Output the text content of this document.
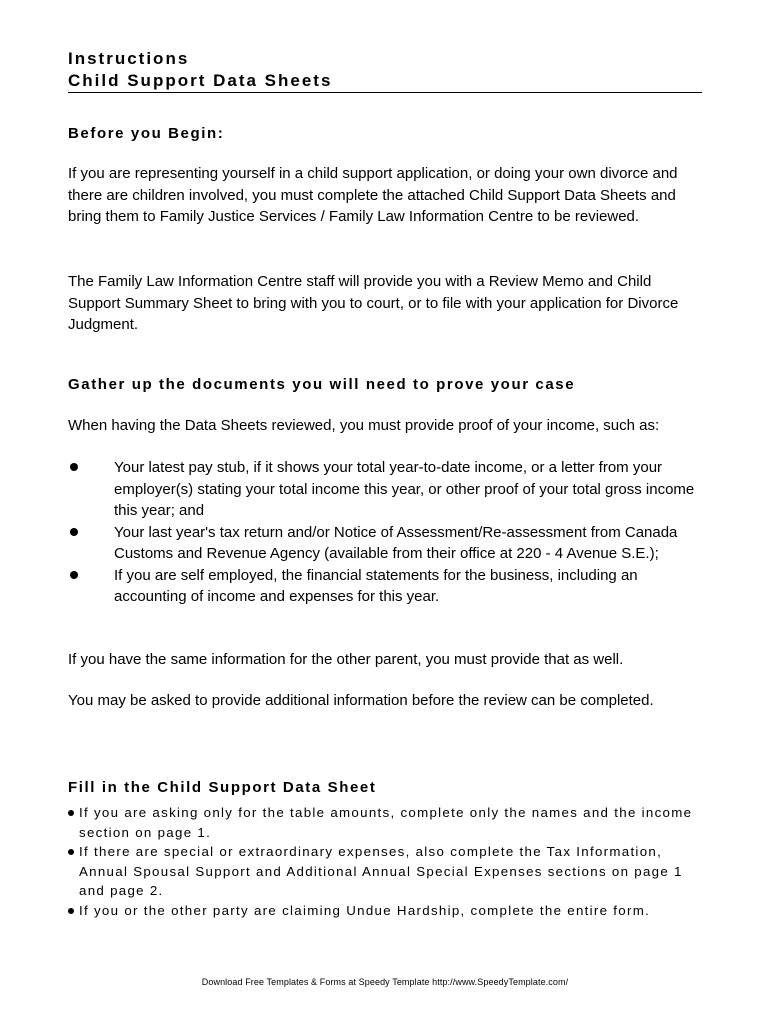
Instructions
Child Support Data Sheets
Before you Begin:
If you are representing yourself in a child support application, or doing your own divorce and there are children involved, you must complete the attached Child Support Data Sheets and bring them to Family Justice Services / Family Law Information Centre to be reviewed.
The Family Law Information Centre staff will provide you with a Review Memo and Child Support Summary Sheet to bring with you to court, or to file with your application for Divorce Judgment.
Gather up the documents you will need to prove your case
When having the Data Sheets reviewed, you must provide proof of your income, such as:
Your latest pay stub, if it shows your total year-to-date income, or a letter from your employer(s) stating your total income this year, or other proof of your total gross income this year; and
Your last year's tax return and/or Notice of Assessment/Re-assessment from Canada Customs and Revenue Agency (available from their office at 220 - 4 Avenue S.E.);
If you are self employed, the financial statements for the business, including an accounting of income and expenses for this year.
If you have the same information for the other parent, you must provide that as well.
You may be asked to provide additional information before the review can be completed.
Fill in the Child Support Data Sheet
If you are asking only for the table amounts, complete only the names and the income section on page 1.
If there are special or extraordinary expenses, also complete the Tax Information, Annual Spousal Support and Additional Annual Special Expenses sections on page 1 and page 2.
If you or the other party are claiming Undue Hardship, complete the entire form.
Download Free Templates & Forms at Speedy Template http://www.SpeedyTemplate.com/
